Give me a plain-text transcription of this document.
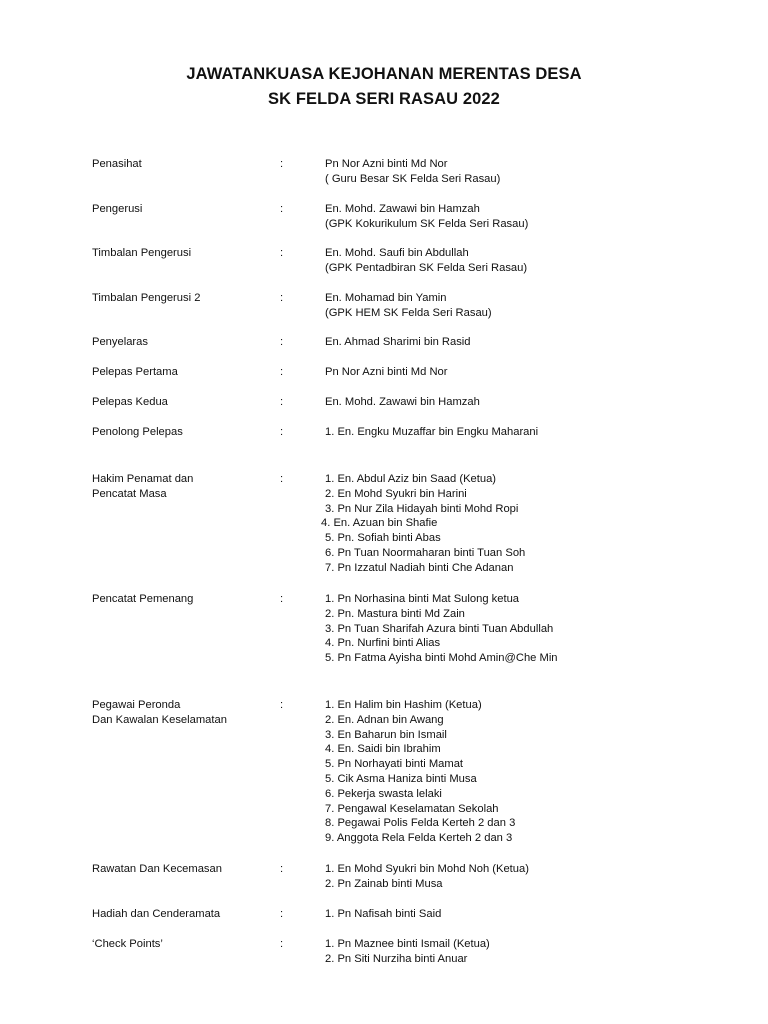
JAWATANKUASA KEJOHANAN MERENTAS DESA
SK FELDA SERI RASAU 2022
Penasihat	:	Pn Nor Azni binti Md Nor
( Guru Besar SK Felda Seri Rasau)
Pengerusi	:	En. Mohd. Zawawi bin Hamzah
(GPK Kokurikulum SK Felda Seri Rasau)
Timbalan Pengerusi	:	En. Mohd. Saufi bin Abdullah
(GPK Pentadbiran SK Felda Seri Rasau)
Timbalan Pengerusi 2	:	En. Mohamad bin Yamin
(GPK HEM SK Felda Seri Rasau)
Penyelaras	:	En. Ahmad Sharimi bin Rasid
Pelepas Pertama	:	Pn Nor Azni binti Md Nor
Pelepas Kedua	:	En. Mohd. Zawawi bin Hamzah
Penolong Pelepas	:	1. En. Engku Muzaffar bin Engku Maharani
Hakim Penamat dan
Pencatat Masa
:	1. En. Abdul Aziz bin Saad (Ketua)
2. En Mohd Syukri bin Harini
3. Pn Nur Zila Hidayah binti Mohd Ropi
4. En. Azuan bin Shafie
5. Pn. Sofiah binti Abas
6. Pn Tuan Noormaharan binti Tuan Soh
7. Pn Izzatul Nadiah binti Che Adanan
Pencatat Pemenang	:	1. Pn Norhasina binti Mat Sulong ketua
2. Pn. Mastura binti Md Zain
3. Pn Tuan Sharifah Azura binti Tuan Abdullah
4. Pn. Nurfini binti Alias
5. Pn Fatma Ayisha binti Mohd Amin@Che Min
Pegawai Peronda
Dan Kawalan Keselamatan
:	1. En Halim bin Hashim (Ketua)
2. En. Adnan bin Awang
3. En Baharun bin Ismail
4. En. Saidi bin Ibrahim
5. Pn Norhayati binti Mamat
5. Cik Asma Haniza binti Musa
6. Pekerja swasta lelaki
7. Pengawal Keselamatan Sekolah
8. Pegawai Polis Felda Kerteh 2 dan 3
9. Anggota Rela Felda Kerteh 2 dan 3
Rawatan Dan Kecemasan	:	1. En Mohd Syukri bin Mohd Noh (Ketua)
2. Pn Zainab binti Musa
Hadiah dan Cenderamata	:	1. Pn Nafisah binti Said
‘Check Points’	:	1. Pn Maznee binti Ismail (Ketua)
2. Pn Siti Nurziha binti Anuar
